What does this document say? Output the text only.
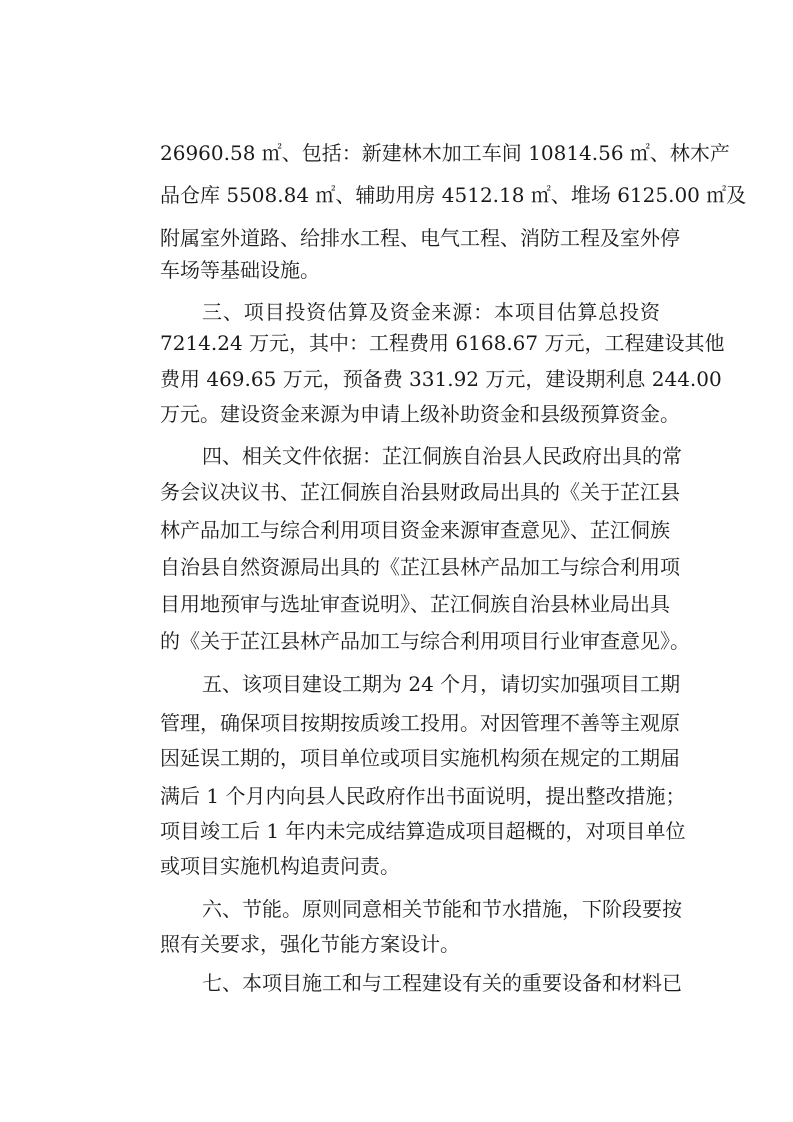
26960.58 ㎡、包括：新建林木加工车间 10814.56 ㎡、林木产

品仓库 5508.84 ㎡、辅助用房 4512.18 ㎡、堆场 6125.00 ㎡及

附属室外道路、给排水工程、电气工程、消防工程及室外停

车场等基础设施。

三、项目投资估算及资金来源：本项目估算总投资

7214.24 万元，其中：工程费用 6168.67 万元，工程建设其他

费用 469.65 万元，预备费 331.92 万元，建设期利息 244.00

万元。建设资金来源为申请上级补助资金和县级预算资金。

四、相关文件依据：芷江侗族自治县人民政府出具的常

务会议决议书、芷江侗族自治县财政局出具的《关于芷江县

林产品加工与综合利用项目资金来源审查意见》、芷江侗族

自治县自然资源局出具的《芷江县林产品加工与综合利用项

目用地预审与选址审查说明》、芷江侗族自治县林业局出具

的《关于芷江县林产品加工与综合利用项目行业审查意见》。

五、该项目建设工期为 24 个月，请切实加强项目工期

管理，确保项目按期按质竣工投用。对因管理不善等主观原

因延误工期的，项目单位或项目实施机构须在规定的工期届

满后 1 个月内向县人民政府作出书面说明，提出整改措施；

项目竣工后 1 年内未完成结算造成项目超概的，对项目单位

或项目实施机构追责问责。

六、节能。原则同意相关节能和节水措施，下阶段要按

照有关要求，强化节能方案设计。

七、本项目施工和与工程建设有关的重要设备和材料已
